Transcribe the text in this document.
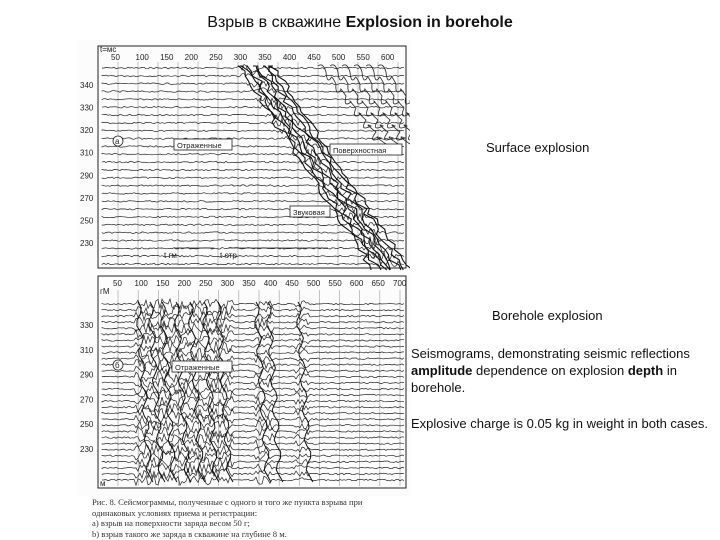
Взрыв в скважине Explosion in borehole
t=мс
50 100 150 200 250 300 350 400 450 500 550 600
340
330
320
310
290
270
250
230
Отраженные
Поверхностная
Звуковая
а
t гм	t отр	t 30
гМ
50 100 150 200 250 300 350 400 450 500 550 600 650 700
330
310
290
270
250
230
Отраженные
б
м
Рис. 8. Сейсмограммы, полученные с одного и того же пункта взрыва при
одинаковых условиях приема и регистрации:
а) взрыв на поверхности заряда весом 50 г;
b) взрыв такого же заряда в скважине на глубине 8 м.
Surface explosion
Borehole explosion
Seismograms, demonstrating seismic reflections amplitude dependence on explosion depth in borehole.
Explosive charge is 0.05 kg in weight in both cases.
